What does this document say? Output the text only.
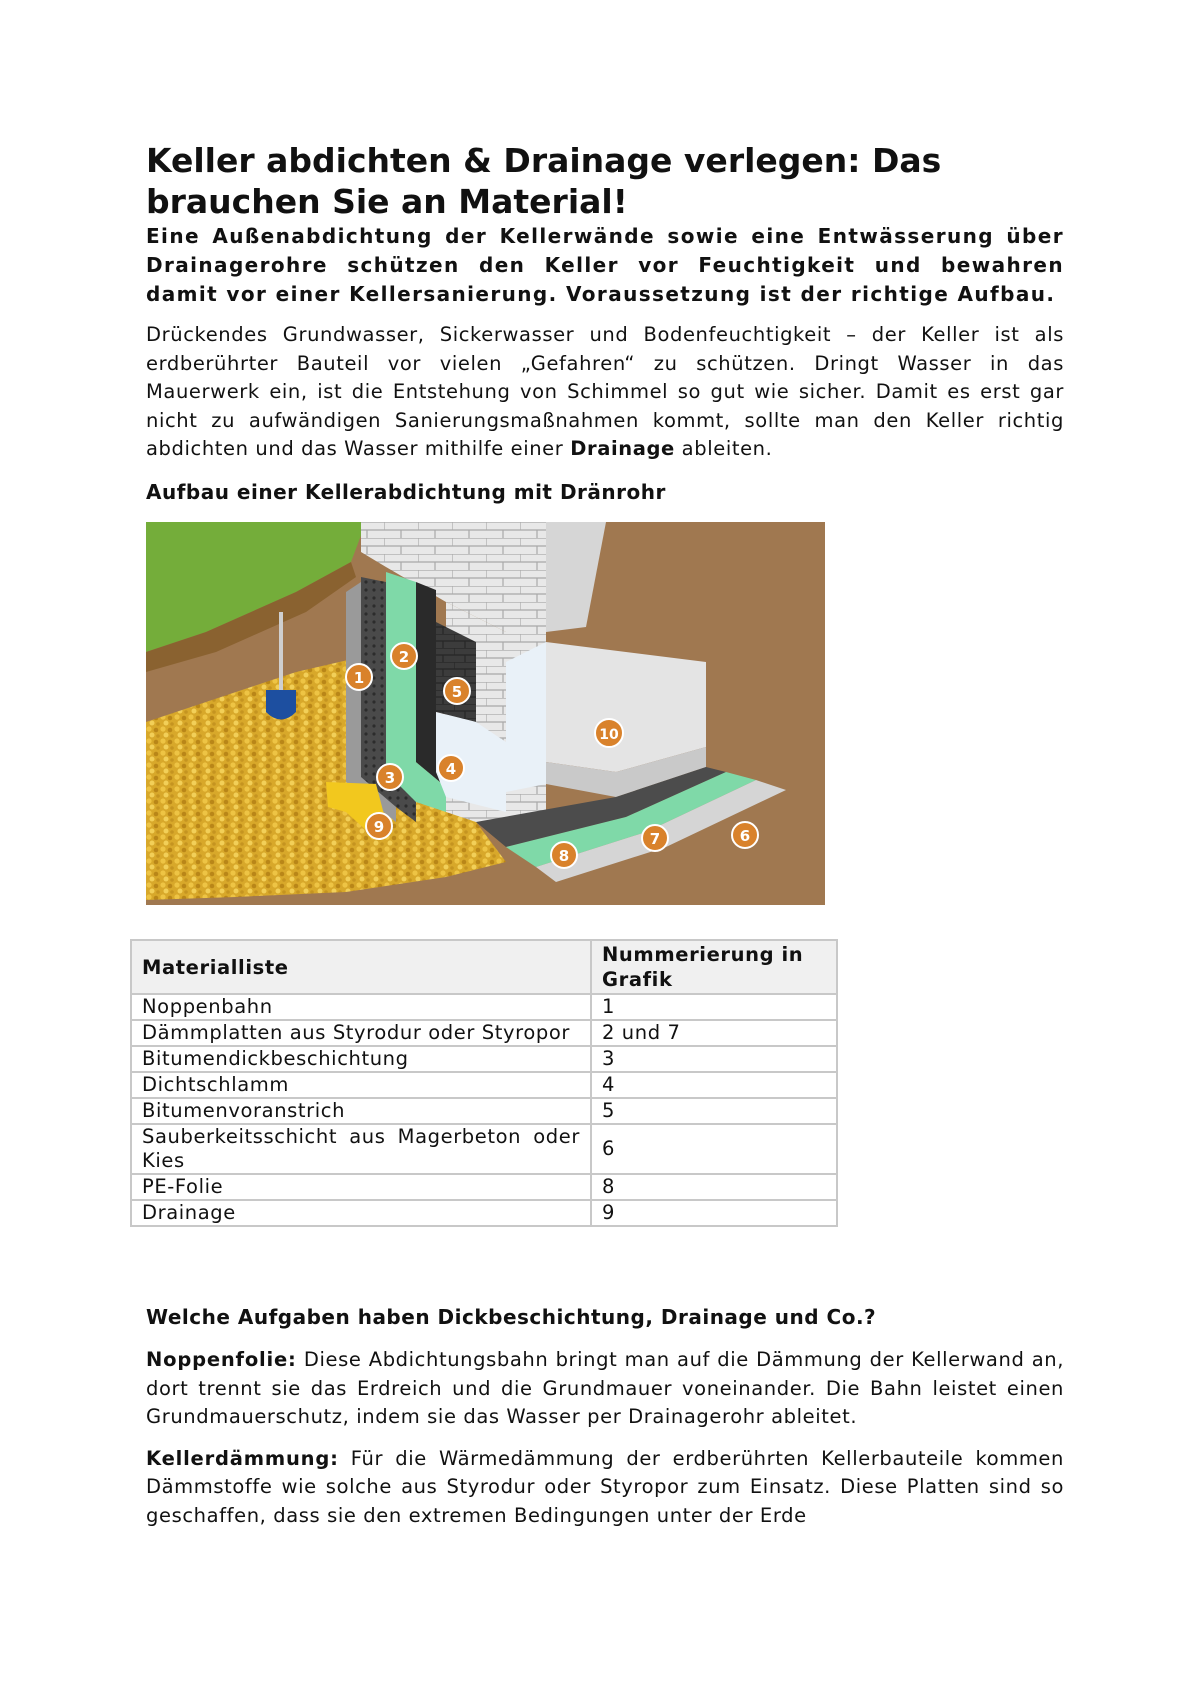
Keller abdichten & Drainage verlegen: Das brauchen Sie an Material!

Eine Außenabdichtung der Kellerwände sowie eine Entwässerung über Drainagerohre schützen den Keller vor Feuchtigkeit und bewahren damit vor einer Kellersanierung. Voraussetzung ist der richtige Aufbau.

Drückendes Grundwasser, Sickerwasser und Bodenfeuchtigkeit – der Keller ist als erdberührter Bauteil vor vielen „Gefahren“ zu schützen. Dringt Wasser in das Mauerwerk ein, ist die Entstehung von Schimmel so gut wie sicher. Damit es erst gar nicht zu aufwändigen Sanierungsmaßnahmen kommt, sollte man den Keller richtig abdichten und das Wasser mithilfe einer Drainage ableiten.

Aufbau einer Kellerabdichtung mit Dränrohr
1
2
3	4
5
6
7
8
9
10
Materialliste	Nummerierung in Grafik
Noppenbahn	1
Dämmplatten aus Styrodur oder Styropor	2 und 7
Bitumendickbeschichtung	3
Dichtschlamm	4
Bitumenvoranstrich	5
Sauberkeitsschicht aus Magerbeton oder Kies	6
PE-Folie	8
Drainage	9
Welche Aufgaben haben Dickbeschichtung, Drainage und Co.?

Noppenfolie: Diese Abdichtungsbahn bringt man auf die Dämmung der Kellerwand an, dort trennt sie das Erdreich und die Grundmauer voneinander. Die Bahn leistet einen Grundmauerschutz, indem sie das Wasser per Drainagerohr ableitet.

Kellerdämmung: Für die Wärmedämmung der erdberührten Kellerbauteile kommen Dämmstoffe wie solche aus Styrodur oder Styropor zum Einsatz. Diese Platten sind so geschaffen, dass sie den extremen Bedingungen unter der Erde
